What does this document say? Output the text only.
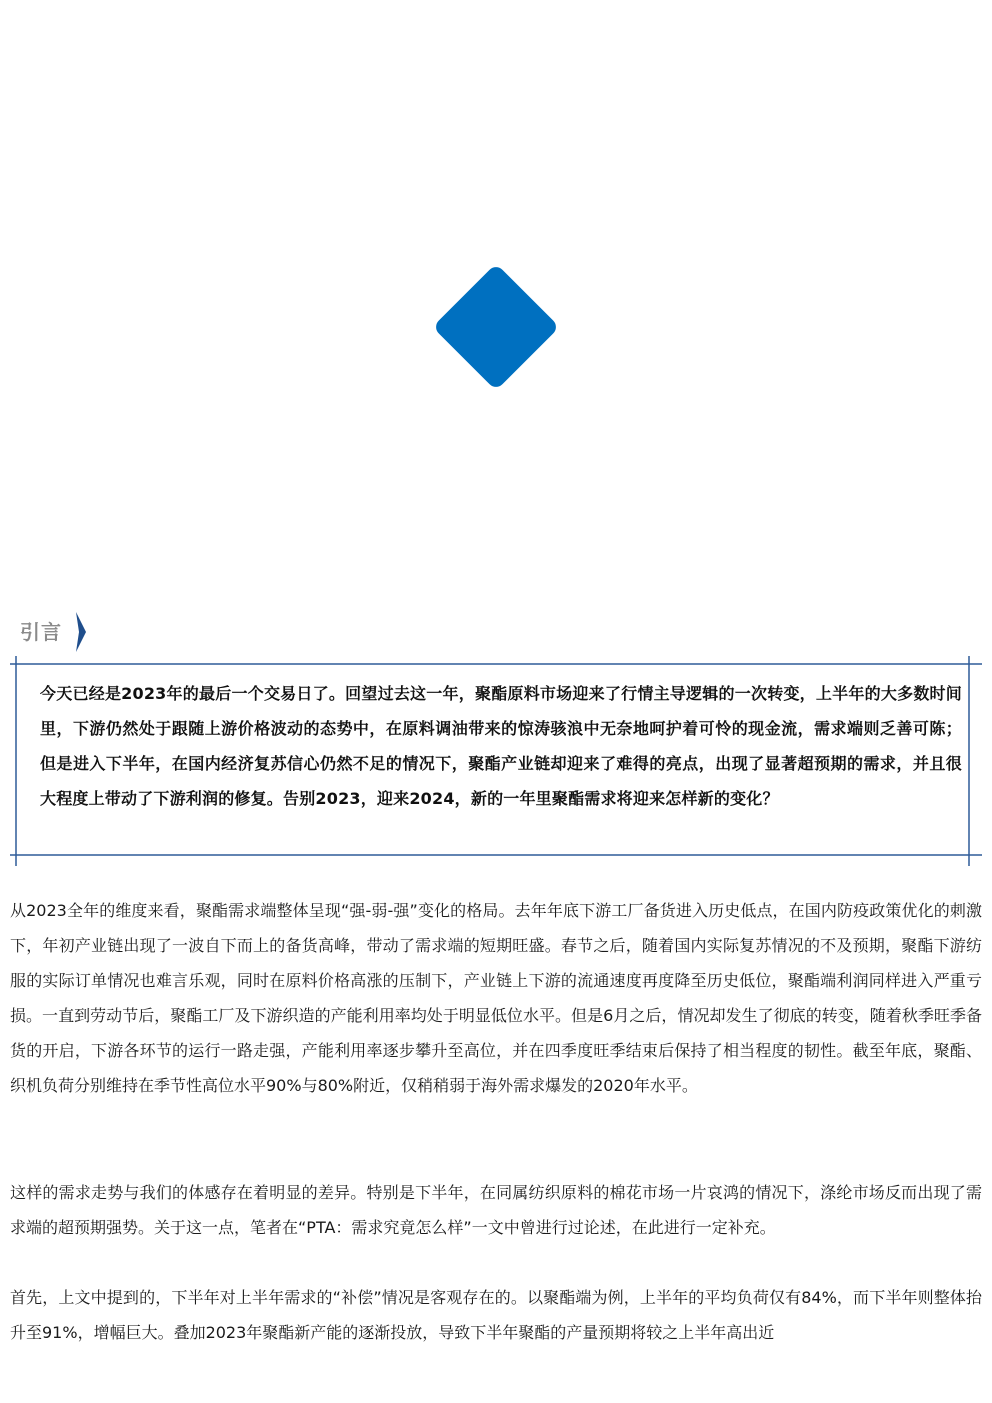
引言
今天已经是2023年的最后一个交易日了。回望过去这一年，聚酯原料市场迎来了行情主导逻辑的一次转变，上半年的大多数时间里，下游仍然处于跟随上游价格波动的态势中，在原料调油带来的惊涛骇浪中无奈地呵护着可怜的现金流，需求端则乏善可陈；但是进入下半年，在国内经济复苏信心仍然不足的情况下，聚酯产业链却迎来了难得的亮点，出现了显著超预期的需求，并且很大程度上带动了下游利润的修复。告别2023，迎来2024，新的一年里聚酯需求将迎来怎样新的变化？
从2023全年的维度来看，聚酯需求端整体呈现“强-弱-强”变化的格局。去年年底下游工厂备货进入历史低点，在国内防疫政策优化的刺激下，年初产业链出现了一波自下而上的备货高峰，带动了需求端的短期旺盛。春节之后，随着国内实际复苏情况的不及预期，聚酯下游纺服的实际订单情况也难言乐观，同时在原料价格高涨的压制下，产业链上下游的流通速度再度降至历史低位，聚酯端利润同样进入严重亏损。一直到劳动节后，聚酯工厂及下游织造的产能利用率均处于明显低位水平。但是6月之后，情况却发生了彻底的转变，随着秋季旺季备货的开启，下游各环节的运行一路走强，产能利用率逐步攀升至高位，并在四季度旺季结束后保持了相当程度的韧性。截至年底，聚酯、织机负荷分别维持在季节性高位水平90%与80%附近，仅稍稍弱于海外需求爆发的2020年水平。
这样的需求走势与我们的体感存在着明显的差异。特别是下半年，在同属纺织原料的棉花市场一片哀鸿的情况下，涤纶市场反而出现了需求端的超预期强势。关于这一点，笔者在“PTA：需求究竟怎么样”一文中曾进行过论述，在此进行一定补充。
首先，上文中提到的，下半年对上半年需求的“补偿”情况是客观存在的。以聚酯端为例，上半年的平均负荷仅有84%，而下半年则整体抬升至91%，增幅巨大。叠加2023年聚酯新产能的逐渐投放，导致下半年聚酯的产量预期将较之上半年高出近
